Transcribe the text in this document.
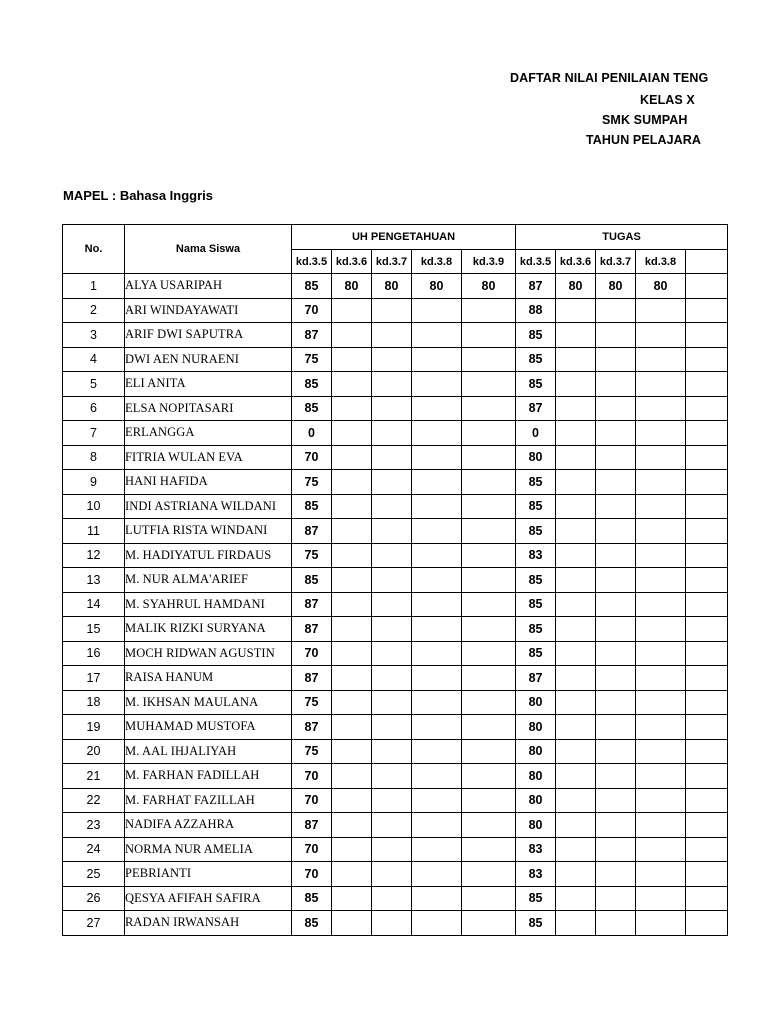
DAFTAR NILAI PENILAIAN TENG
KELAS X
SMK SUMPAH
TAHUN PELAJARA
MAPEL : Bahasa Inggris
No.	Nama Siswa	UH PENGETAHUAN					TUGAS				
		kd.3.5	kd.3.6	kd.3.7	kd.3.8	kd.3.9	kd.3.5	kd.3.6	kd.3.7	kd.3.8	
1	ALYA USARIPAH	85	80	80	80	80	87	80	80	80	
2	ARI WINDAYAWATI	70					88				
3	ARIF DWI SAPUTRA	87					85				
4	DWI AEN NURAENI	75					85				
5	ELI ANITA	85					85				
6	ELSA NOPITASARI	85					87				
7	ERLANGGA	0					0				
8	FITRIA WULAN EVA	70					80				
9	HANI HAFIDA	75					85				
10	INDI ASTRIANA WILDANI	85					85				
11	LUTFIA RISTA WINDANI	87					85				
12	M. HADIYATUL FIRDAUS	75					83				
13	M. NUR ALMA'ARIEF	85					85				
14	M. SYAHRUL HAMDANI	87					85				
15	MALIK RIZKI SURYANA	87					85				
16	MOCH RIDWAN AGUSTIN	70					85				
17	RAISA HANUM	87					87				
18	M. IKHSAN MAULANA	75					80				
19	MUHAMAD MUSTOFA	87					80				
20	M. AAL IHJALIYAH	75					80				
21	M. FARHAN FADILLAH	70					80				
22	M. FARHAT FAZILLAH	70					80				
23	NADIFA AZZAHRA	87					80				
24	NORMA NUR AMELIA	70					83				
25	PEBRIANTI	70					83				
26	QESYA AFIFAH SAFIRA	85					85				
27	RADAN IRWANSAH	85					85				
